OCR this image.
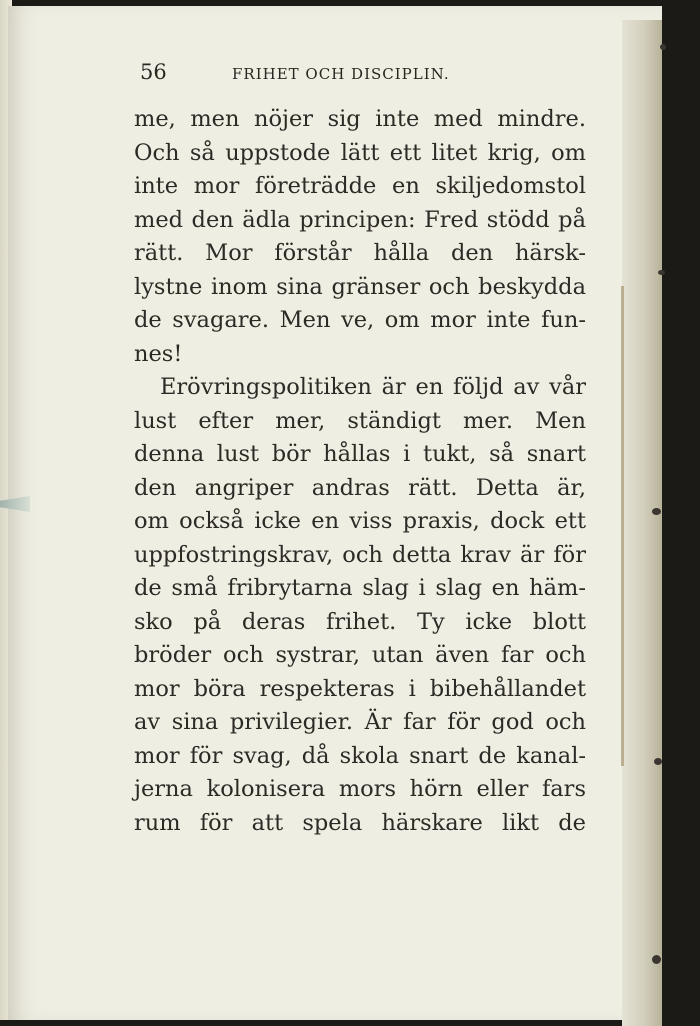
56	FRIHET OCH DISCIPLIN.
me, men nöjer sig inte med mindre.
Och så uppstode lätt ett litet krig, om
inte mor företrädde en skiljedomstol
med den ädla principen: Fred stödd på
rätt. Mor förstår hålla den härsk-
lystne inom sina gränser och beskydda
de svagare. Men ve, om mor inte fun-
nes!
Erövringspolitiken är en följd av vår
lust efter mer, ständigt mer. Men
denna lust bör hållas i tukt, så snart
den angriper andras rätt. Detta är,
om också icke en viss praxis, dock ett
uppfostringskrav, och detta krav är för
de små fribrytarna slag i slag en häm-
sko på deras frihet. Ty icke blott
bröder och systrar, utan även far och
mor böra respekteras i bibehållandet
av sina privilegier. Är far för god och
mor för svag, då skola snart de kanal-
jerna kolonisera mors hörn eller fars
rum för att spela härskare likt de
